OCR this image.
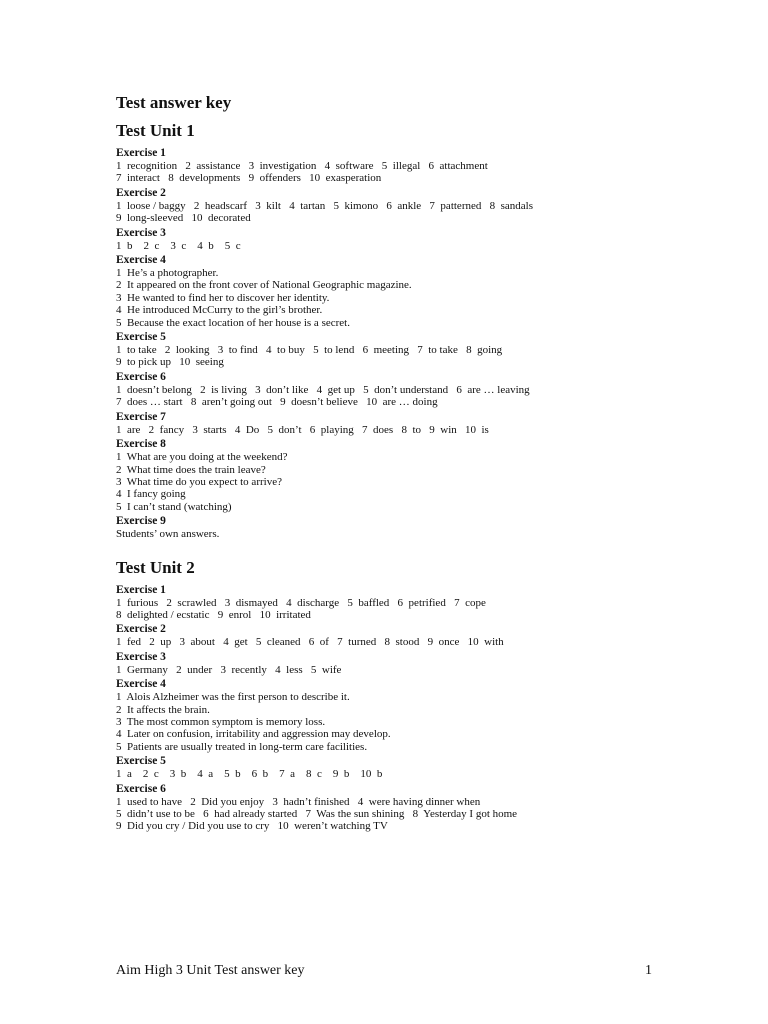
Test answer key
Test Unit 1
Exercise 1
1  recognition   2  assistance   3  investigation   4  software   5  illegal   6  attachment
7  interact   8  developments   9  offenders   10  exasperation
Exercise 2
1  loose / baggy   2  headscarf   3  kilt   4  tartan   5  kimono   6  ankle   7  patterned   8  sandals
9  long-sleeved   10  decorated
Exercise 3
1  b    2  c    3  c    4  b    5  c
Exercise 4
1  He’s a photographer.
2  It appeared on the front cover of National Geographic magazine.
3  He wanted to find her to discover her identity.
4  He introduced McCurry to the girl’s brother.
5  Because the exact location of her house is a secret.
Exercise 5
1  to take   2  looking   3  to find   4  to buy   5  to lend   6  meeting   7  to take   8  going
9  to pick up   10  seeing
Exercise 6
1  doesn’t belong   2  is living   3  don’t like   4  get up   5  don’t understand   6  are … leaving
7  does … start   8  aren’t going out   9  doesn’t believe   10  are … doing
Exercise 7
1  are   2  fancy   3  starts   4  Do   5  don’t   6  playing   7  does   8  to   9  win   10  is
Exercise 8
1  What are you doing at the weekend?
2  What time does the train leave?
3  What time do you expect to arrive?
4  I fancy going
5  I can’t stand (watching)
Exercise 9
Students’ own answers.
Test Unit 2
Exercise 1
1  furious   2  scrawled   3  dismayed   4  discharge   5  baffled   6  petrified   7  cope
8  delighted / ecstatic   9  enrol   10  irritated
Exercise 2
1  fed   2  up   3  about   4  get   5  cleaned   6  of   7  turned   8  stood   9  once   10  with
Exercise 3
1  Germany   2  under   3  recently   4  less   5  wife
Exercise 4
1  Alois Alzheimer was the first person to describe it.
2  It affects the brain.
3  The most common symptom is memory loss.
4  Later on confusion, irritability and aggression may develop.
5  Patients are usually treated in long-term care facilities.
Exercise 5
1  a    2  c    3  b    4  a    5  b    6  b    7  a    8  c    9  b    10  b
Exercise 6
1  used to have   2  Did you enjoy   3  hadn’t finished   4  were having dinner when
5  didn’t use to be   6  had already started   7  Was the sun shining   8  Yesterday I got home
9  Did you cry / Did you use to cry   10  weren’t watching TV
Aim High 3 Unit Test answer key	1
